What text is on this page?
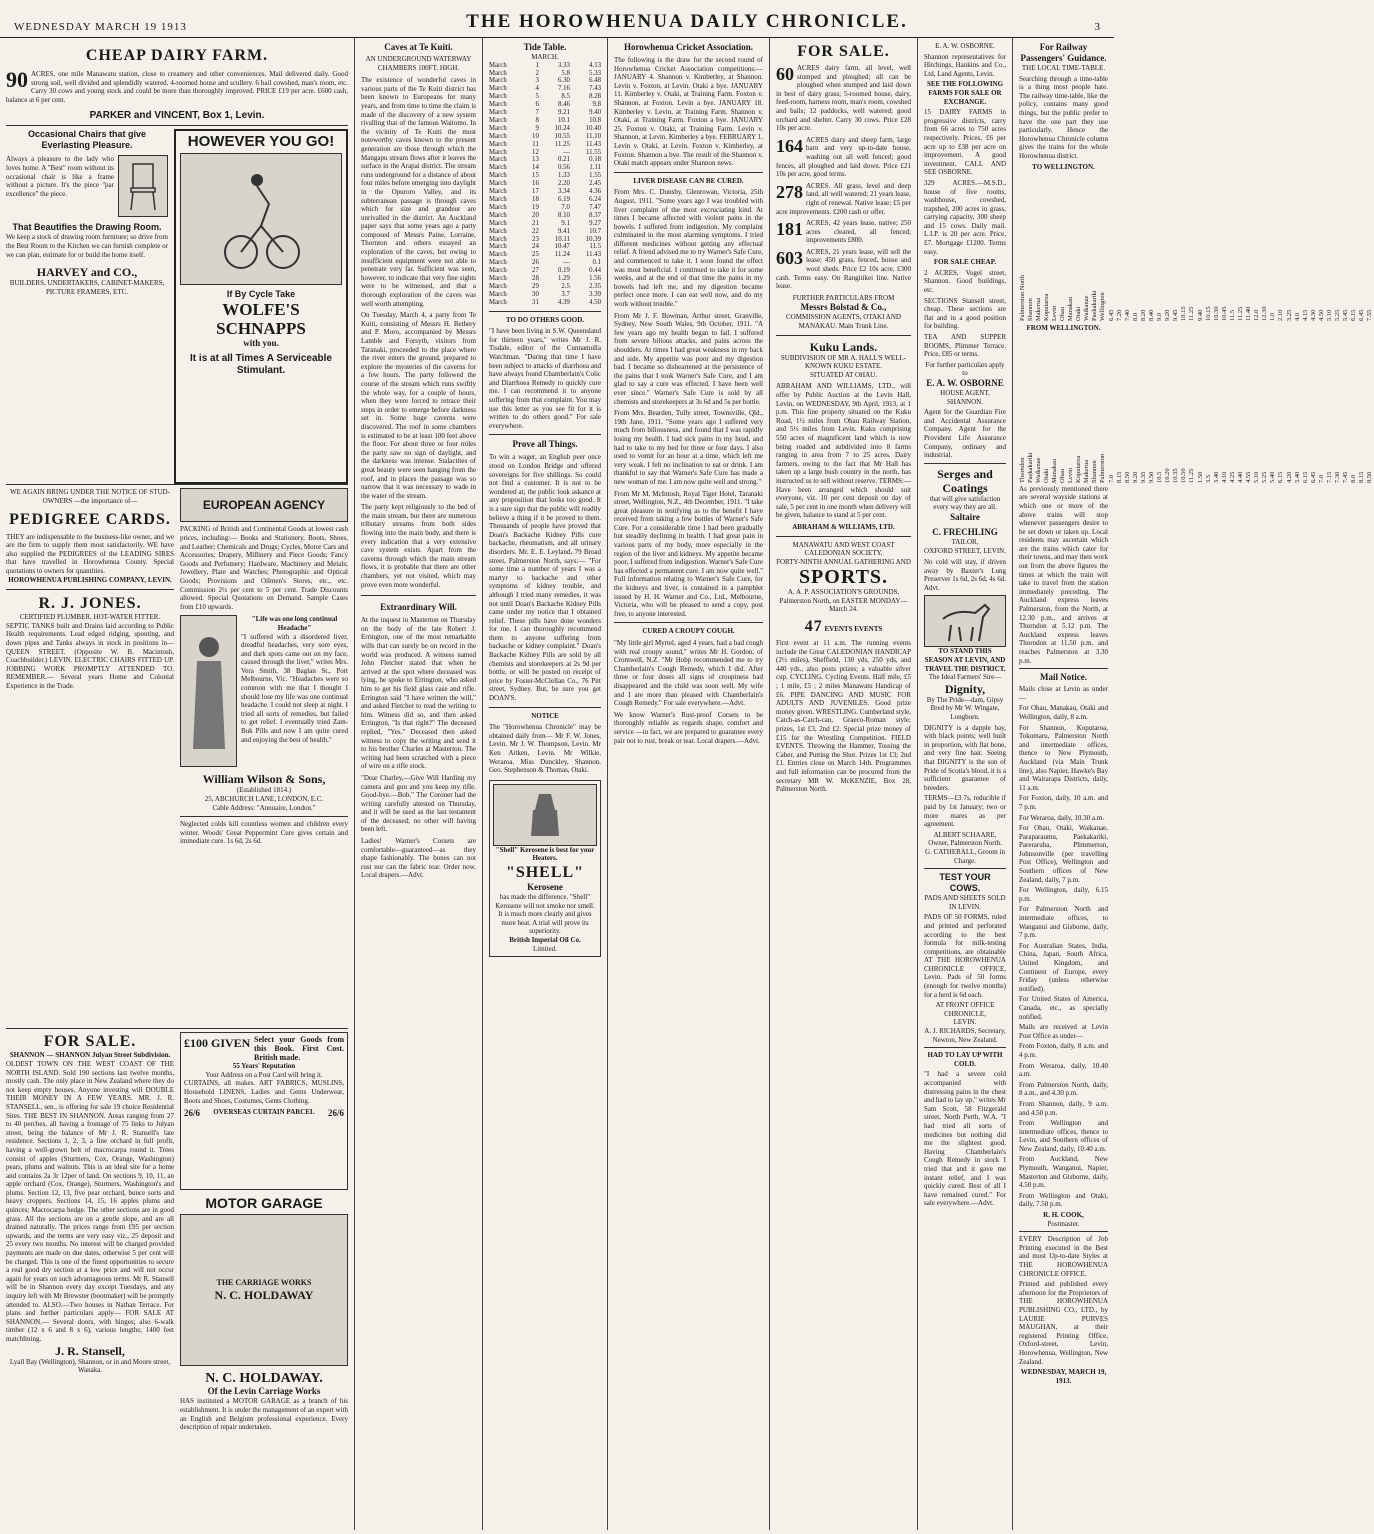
WEDNESDAY MARCH 19 1913	THE HOROWHENUA DAILY CHRONICLE.	3
CHEAP DAIRY FARM.
90 ACRES, one mile Manawatu station, close to creamery and other conveniences. Mail delivered daily. Good strong soil, well divided and splendidly watered. 4-roomed house and scullery. 6 bail cowshed, man's room, etc. Carry 30 cows and young stock and could be more than thoroughly improved. PRICE £19 per acre. £600 cash, balance at 6 per cent.
PARKER and VINCENT, Box 1, Levin.
Occasional Chairs that give Everlasting Pleasure.
Always a pleasure to the lady who loves home. A "Best" room without its occasional chair is like a frame without a picture. It's the piece "par excellence" the piece.
That Beautifies the Drawing Room.
We keep a stock of drawing room furniture; so drive from the Best Room to the Kitchen we can furnish complete or we can plan, estimate for or build the home itself.
HARVEY and CO.,
BUILDERS, UNDERTAKERS, CABINET-MAKERS, PICTURE FRAMERS, ETC.
HOWEVER YOU GO!
If By Cycle Take
WOLFE'S SCHNAPPS
with you.
It is at all Times A Serviceable Stimulant.
WE AGAIN BRING UNDER THE NOTICE OF STUD-OWNERS —the importance of—
PEDIGREE CARDS.
THEY are indispensable to the business-like owner, and we are the firm to supply them most satisfactorily. WE have also supplied the PEDIGREES of the LEADING SIRES that have travelled in Horowhenua County. Special quotations to owners for quantities.
HOROWHENUA PUBLISHING COMPANY, LEVIN.
R. J. JONES.
CERTIFIED PLUMBER, HOT-WATER FITTER.
SEPTIC TANKS built and Drains laid according to Public Health requirements. Lead edged ridging, spouting, and down pipes and Tanks always in stock in positions in— QUEEN STREET. (Opposite W. B. Macintosh, Coachbuilder.) LEVIN. ELECTRIC CHAIRS FITTED UP. JOBBING WORK PROMPTLY ATTENDED TO. REMEMBER.— Several years Home and Colonial Experience in the Trade.
EUROPEAN AGENCY
PACKING of British and Continental Goods at lowest cash prices, including:— Books and Stationery, Boots, Shoes, and Leather; Chemicals and Drugs; Cycles, Motor Cars and Accessories; Drapery, Millinery and Piece Goods; Fancy Goods and Perfumery; Hardware, Machinery and Metals; Jewellery, Plate and Watches; Photographic and Optical Goods; Provisions and Oilmen's Stores, etc., etc. Commission 2½ per cent to 5 per cent. Trade Discounts allowed. Special Quotations on Demand. Sample Cases from £10 upwards.
"Life was one long continual Headache"
"I suffered with a disordered liver, dreadful headaches, very sore eyes, and dark spots came out on my face, caused through the liver," writes Mrs. Vera Smith, 38 Baglan St., Port Melbourne, Vic. "Headaches were so common with me that I thought I should lose my life was one continual headache. I could not sleep at night. I tried all sorts of remedies, but failed to get relief. I eventually tried Zam-Buk Pills and now I am quite cured and enjoying the best of health."
William Wilson & Sons,
(Established 1814.)
25, ABCHURCH LANE, LONDON, E.C.
Cable Address: "Annuaire, London."
Neglected colds kill countless women and children every winter. Woods' Great Peppermint Cure gives certain and immediate cure. 1s 6d, 2s 6d.
FOR SALE.
SHANNON — SHANNON Julyan Street Subdivision.
OLDEST TOWN ON THE WEST COAST OF THE NORTH ISLAND. Sold 190 sections last twelve months, mostly cash. The only place in New Zealand where they do not keep empty houses. Anyone investing will DOUBLE THEIR MONEY IN A FEW YEARS. MR. J. R. STANSELL, sen., is offering for sale 19 choice Residential Sites. THE BEST IN SHANNON. Areas ranging from 27 to 40 perches, all having a frontage of 75 links to Julyan street, being the balance of Mr J. R. Stansell's late residence. Sections 1, 2, 3, a fine orchard in full profit, having a well-grown belt of macrocarpa round it. Trees consist of apples (Sturmers, Cox, Orange, Washington) pears, plums and walnuts. This is an ideal site for a home and contains 2a 3r 12per of land. On sections 9, 10, 11, an apple orchard (Cox, Orange), Sturmers, Washington's and plums. Section 12, 13, five pear orchard, bunce sorts and heavy croppers. Sections 14, 15, 16 apples plums and quinces; Macrocarpa hedge. The other sections are in good grass. All the sections are on a gentle slope, and are all drained naturally. The prices range from £95 per section upwards, and the terms are very easy viz., 25 deposit and 25 every two months. No interest will be charged provided payments are made on due dates, otherwise 5 per cent will be charged. This is one of the finest opportunities to secure a real good dry section at a low price and will not occur again for years on such advantageous terms. Mr R. Stansell will be in Shannon every day except Tuesdays, and any inquiry left with Mr Brewster (bootmaker) will be promptly attended to. ALSO.—Two houses in Nathan Terrace. For plans and further particulars apply— FOR SALE AT SHANNON.— Several doors, with hinges; also 6-walk timber (12 x 6 and 8 x 6), various lengths; 1400 feet matchlining.
J. R. Stansell,
Lyall Bay (Wellington), Shannon, or in and Moore street, Wanaka.
£100 GIVEN Select your Goods from this Book. First Cost. British made.
55 Years' Reputation
Your Address on a Post Card will bring it.
CURTAINS, all makes. ART FABRICS, MUSLINS, Household LINENS, Ladies and Gents Underwear, Boots and Shoes, Costumes, Gents Clothing.
26/6 OVERSEAS CURTAIN PARCEL 26/6
MOTOR GARAGE
THE CARRIAGE WORKS
N. C. HOLDAWAY
N. C. HOLDAWAY.
Of the Levin Carriage Works
HAS instituted a MOTOR GARAGE as a branch of his establishment. It is under the management of an expert with an English and Belgium professional experience. Every description of repair undertaken.
Caves at Te Kuiti.
AN UNDERGROUND WATERWAY CHAMBERS 100FT. HIGH.

The existence of wonderful caves in various parts of the Te Kuiti district has been known to Europeans for many years, and from time to time the claim is made of the discovery of a new system rivalling that of the famous Waitomo. In the vicinity of Te Kuiti the most noteworthy caves known to the present generation are those through which the Mangapu stream flows after it leaves the surface in the Arapai district. The stream runs underground for a distance of about four miles before emerging into daylight in the Opuroro Valley, and its subterranean passage is through caves which for size and grandeur are unrivalled in the district. An Auckland paper says that some years ago a party composed of Messrs Paine, Lorraine, Thornton and others essayed an exploration of the caves, but owing to insufficient equipment were not able to penetrate very far. Sufficient was seen, however, to indicate that very fine sights were to be witnessed, and that a thorough exploration of the caves was well worth attempting.

On Tuesday, March 4, a party from Te Kuiti, consisting of Messrs H. Bethery and P. Moro, accompanied by Messrs Lamble and Forsyth, visitors from Taranaki, proceeded to the place where the river enters the ground, prepared to explore the mysteries of the caverns for a few hours. The party followed the course of the stream which runs swiftly the whole way, for a couple of hours, when they were forced to retrace their steps in order to emerge before darkness set in. Some huge caverns were discovered. The roof in some chambers is estimated to be at least 100 feet above the floor. For about three or four miles the party saw no sign of daylight, and the darkness was intense. Stalactites of great beauty were seen hanging from the roof, and in places the passage was so narrow that it was necessary to wade in the water of the stream.

The party kept religiously to the bed of the main stream, but there are numerous tributary streams from both sides flowing into the main body, and there is every indication that a very extensive cave system exists. Apart from the caverns through which the main stream flows, it is probable that there are other chambers, yet not visited, which may prove even more wonderful.

Extraordinary Will.

At the inquest in Masterton on Thursday on the body of the late Robert J. Errington, one of the most remarkable wills that can surely be on record in the world was produced. A witness named John Fletcher stated that when he arrived at the spot where deceased was lying, he spoke to Errington, who asked him to get his field glass case and rifle. Errington said "I have written the will," and asked Fletcher to read the writing to him. Witness did so, and then asked Errington, "Is that right?" The deceased replied, "Yes." Deceased then asked witness to copy the writing and send it to his brother Charles at Masterton. The writing had been scratched with a piece of wire on a rifle stock.

"Dear Charley,—Give Will Harding my camera and gun and you keep my rifle. Good-bye.—Bob." The Coroner had the writing carefully attested on Thursday, and it will be used as the last testament of the deceased; no other will having been left.

Ladies! Warner's Corsets are comfortable—guaranteed—as they shape fashionably. The bones can not rust nor can the fabric tear. Order now. Local drapers.—Advt.

Tide Table.
MARCH.
March	1	3.33	4.13
March	2	5.8	5.33
March	3	6.30	6.48
March	4	7.16	7.43
March	5	8.5	8.28
March	6	8.46	9.8
March	7	9.21	9.40
March	8	10.1	10.8
March	9	10.24	10.40
March	10	10.55	11.10
March	11	11.25	11.43
March	12	—	11.55
March	13	0.21	0.18
March	14	0.56	1.11
March	15	1.33	1.55
March	16	2.20	2.45
March	17	3.34	4.36
March	18	6.19	6.24
March	19	7.0	7.47
March	20	8.10	8.37
March	21	9.1	9.27
March	22	9.41	10.7
March	23	10.11	10.39
March	24	10.47	11.5
March	25	11.24	11.43
March	26	—	0.1
March	27	0.19	0.44
March	28	1.29	1.56
March	29	2.5	2.35
March	30	3.7	3.39
March	31	4.39	4.50
TO DO OTHERS GOOD.

"I have been living in S.W. Queensland for thirteen years," writes Mr J. R. Tisdale, editor of the Cunnamulla Watchman. "During that time I have been subject to attacks of diarrhoea and have always found Chamberlain's Colic and Diarrhoea Remedy to quickly cure me. I can recommend it to anyone suffering from that complaint. You may use this letter as you see fit for it is written to do others good." For sale everywhere.

Prove all Things.

To win a wager, an English peer once stood on London Bridge and offered sovereigns for five shillings. So could not find a customer. It is not to be wondered at; the public look askance at any proposition that looks too good. It is a sure sign that the public will readily believe a thing if it be proved to them. Thousands of people have proved that Doan's Backache Kidney Pills cure backache, rheumatism, and all urinary disorders. Mr. E. E. Leyland, 79 Broad street, Palmerston North, says:— "For some time a number of years I was a martyr to backache and other symptoms of kidney trouble, and although I tried many remedies, it was not until Doan's Backache Kidney Pills came under my notice that I obtained relief. These pills have done wonders for me. I can thoroughly recommend them to anyone suffering from backache or kidney complaint." Doan's Backache Kidney Pills are sold by all chemists and storekeepers at 2s 9d per bottle, or will be posted on receipt of price by Foster-McClellan Co., 76 Pitt street, Sydney. But, be sure you get DOAN'S.

NOTICE

The "Horowhenua Chronicle" may be obtained daily from— Mr F. W. Jones, Levin. Mr J. W. Thompson, Levin. Mr Ken Aitken, Levin. Mr Wilkie, Weraroa. Miss Dunckley, Shannon. Geo. Stephenson & Thomas, Otaki.

"Shell" Kerosene is best for your Heaters.
"SHELL"
Kerosene
has made the difference. "Shell" Kerosene will not smoke nor smell. It is much more clearly and gives more heat. A trial will prove its superiority.
British Imperial Oil Co.
Limited.
Horowhenua Cricket Association.

The following is the draw for the second round of Horowhenua Cricket Association competitions:— JANUARY 4. Shannon v. Kimberley, at Shannon. Levin v. Foxton, at Levin. Otaki a bye. JANUARY 11. Kimberley v. Otaki, at Training Farm. Foxton v. Shannon, at Foxton. Levin a bye. JANUARY 18. Kimberley v. Levin, at Training Farm. Shannon v. Otaki, at Training Farm. Foxton a bye. JANUARY 25. Foxton v. Otaki, at Training Farm. Levin v. Shannon, at Levin. Kimberley a bye. FEBRUARY 1. Levin v. Otaki, at Levin. Foxton v. Kimberley, at Foxton. Shannon a bye. The result of the Shannon v. Otaki match appears under Shannon news.

LIVER DISEASE CAN BE CURED.

From Mrs. C. Dunsby, Glenrowan, Victoria, 25th August, 1911. "Some years ago I was troubled with liver complaint of the most excruciating kind. At times I became affected with violent pains in the bowels. I suffered from indigestion. My complaint culminated in the most alarming symptoms. I tried different medicines without getting any effectual relief. A friend advised me to try Warner's Safe Cure, and commenced to take it. I soon found the effect was most beneficial. I continued to take it for some weeks, and at the end of that time the pains in my bowels had left me, and my digestion became perfect once more. I can eat well now, and do my work without trouble."

From Mr J. F. Bowman, Arthur street, Granville, Sydney, New South Wales, 9th October, 1911. "A few years ago my health began to fail. I suffered from severe bilious attacks, and pains across the shoulders. At times I had great weakness in my back and side. My appetite was poor and my digestion bad. I became so disheartened at the persistence of the pains that I took Warner's Safe Cure, and I am glad to say a cure was effected. I have been well ever since." Warner's Safe Cure is sold by all chemists and storekeepers at 3s 6d and 5s per bottle.

From Mrs. Bearden, Tully street, Townsville, Qld., 19th June, 1911. "Some years ago I suffered very much from biliousness, and found that I was rapidly losing my health. I had sick pains in my head, and had to take to my bed for three or four days. I also used to vomit for an hour at a time, which left me very weak. I felt no inclination to eat or drink. I am thankful to say that Warner's Safe Cure has made a new woman of me. I am now quite well and strong."

From Mr M. McIntosh, Royal Tiger Hotel, Taranaki street, Wellington, N.Z., 4th December, 1911. "I take great pleasure in testifying as to the benefit I have received from taking a few bottles of Warner's Safe Cure. For a considerable time I had been gradually but steadily declining in health. I had great pain in various parts of my body, more especially in the region of the liver and kidneys. My appetite became poor, I suffered from indigestion. Warner's Safe Cure has effected a permanent cure. I am now quite well." Full information relating to Warner's Safe Cure, for the kidneys and liver, is contained in a pamphlet issued by H. H. Warner and Co., Ltd., Melbourne, Victoria, who will be pleased to send a copy, post free, to anyone interested.

CURED A CROUPY COUGH.

"My little girl Myrtel, aged 4 years, had a bad cough with real croupy sound," writes Mr H. Gordon, of Cromwell, N.Z. "Mr Hobp recommended me to try Chamberlain's Cough Remedy, which I did. After three or four doses all signs of croupiness had disappeared and the child was soon well. My wife and I are more than pleased with Chamberlain's Cough Remedy." For sale everywhere.—Advt.

We know Warner's Rust-proof Corsets to be thoroughly reliable as regards shape, comfort and service —in fact, we are prepared to guarantee every pair not to rust, break or tear. Local drapers.—Advt.

FOR SALE.
60 ACRES dairy farm, all level, well stumped and ploughed; all can be ploughed when stumped and laid down in best of dairy grass; 5-roomed house, dairy, feed-room, harness room, man's room, cowshed and bails; 12 paddocks, well watered; good orchard and shelter. Carry 30 cows. Price £28 10s per acre.
164 ACRES dairy and sheep farm, large barn and very up-to-date house, washing out all well fenced; good fences, all ploughed and laid down. Price £21 10s per acre, good terms.
278 ACRES. All grass, level and deep land, all well watered; 21 years lease, right of renewal. Native lease; £5 per acre improvements. £200 cash or offer.
181 ACRES, 42 years lease, native; 250 acres cleared, all fenced; improvements £800.
603 ACRES, 21 years lease, will sell the lease; 450 grass, fenced, house and wool sheds. Price £2 10s acre. £300 cash. Terms easy. On Rangitikei line. Native lease.
FURTHER PARTICULARS FROM
Messrs Bolstad & Co.,
COMMISSION AGENTS, OTAKI AND MANAKAU. Main Trunk Line.
Kuku Lands.
SUBDIVISION OF MR A. HALL'S WELL-KNOWN KUKU ESTATE.
SITUATED AT OHAU.

ABRAHAM AND WILLIAMS, LTD., will offer by Public Auction at the Levin Hall, Levin, on WEDNESDAY, 9th April, 1913, at 1 p.m. This fine property situated on the Kuku Road, 1½ miles from Ohau Railway Station, and 5½ miles from Levin. Kuku comprising 550 acres of magnificent land which is now being roaded and subdivided into 8 farms ranging in area from 7 to 25 acres. Dairy farmers, owing to the fact that Mr Hall has taken up a large bush country in the north, has instructed us to sell without reserve. TERMS:—Have been arranged which should suit everyone, viz. 10 per cent deposit on day of sale, 5 per cent in one month when delivery will be given, balance to stand at 5 per cent.

ABRAHAM & WILLIAMS, LTD.
MANAWATU AND WEST COAST CALEDONIAN SOCIETY.
FORTY-NINTH ANNUAL GATHERING AND
SPORTS.
A. A. P. ASSOCIATION'S GROUNDS,
Palmerston North, on EASTER MONDAY—March 24.
47 EVENTS EVENTS

First event at 11 a.m. The running events include the Great CALEDONIAN HANDICAP (2½ miles), Sheffield, 130 yds, 250 yds, and 440 yds., also posts prizes; a valuable silver cup. CYCLING. Cycling Events. Half mile, £5 ; 1 mile, £5 ; 2 miles Manawatu Handicap of £6. PIPE DANCING AND MUSIC FOR ADULTS AND JUVENILES. Good prize money given. WRESTLING. Cumberland style, Catch-as-Catch-can, Graeco-Roman style; prizes, 1st £3, 2nd £2. Special prize money of £15 for the Wrestling Competition. FIELD EVENTS. Throwing the Hammer, Tossing the Caber, and Putting the Shot. Prizes 1st £3; 2nd £1. Entries close on March 14th. Programmes and full information can be procured from the secretary MR W. McKENZIE, Box 28, Palmerston North.

E. A. W. OSBORNE.

Shannon representatives for Hitchings, Hankins and Co., Ltd, Land Agents, Levin.

SEE THE FOLLOWING FARMS FOR SALE OR EXCHANGE.

15 DAIRY FARMS in progressive districts, carry from 66 acres to 750 acres respectively. Prices, £6 per acre up to £38 per acre on improvement. A good investment. CALL AND SEE OSBORNE.

329 ACRES.—M.S.D., house of five rooms, washhouse, cowshed, trapshed, 200 acres in grass, carrying capacity, 300 sheep and 15 cows. Daily mail. L.I.P. is 20 per acre. Price, £7. Mortgage £1200. Terms easy.

FOR SALE CHEAP.

2 ACRES, Vogel street, Shannon. Good buildings, etc.

SECTIONS Stansell street, cheap. These sections are flat and in a good position for building.

TEA AND SUPPER ROOMS, Plimmer Terrace. Price, £85 or terms.

For further particulars apply to
E. A. W. OSBORNE
HOUSE AGENT, SHANNON.

Agent for the Guardian Fire and Accidental Assurance Company. Agent for the Provident Life Assurance Company, ordinary and industrial.

Serges and Coatings
that will give satisfaction every way they are all.
Saltaire
C. FRECHLING
TAILOR,
OXFORD STREET, LEVIN.

No cold will stay, if driven away by Baxter's Lung Preserver 1s 6d, 2s 6d, 4s 6d. Advt.

TO STAND THIS SEASON AT LEVIN, AND TRAVEL THE DISTRICT.
The Ideal Farmers' Sire—
Dignity,
By The Pride—dam, Gipsy
Bred by Mr W. Wingate, Longburn.

DIGNITY is a dapple bay, with black points; well built in proportion, with flat bone, and very fine hair. Seeing that DIGNITY is the son of Pride of Scotia's blood, it is a sufficient guarantee of breeders.

TERMS—£3 7s, reducible if paid by 1st January; two or more mares as per agreement.

ALBERT SCHAARE, Owner, Palmerston North.
G. CATHERALL, Groom in Charge.
TEST YOUR COWS.
PADS AND SHEETS SOLD IN LEVIN.

PADS OF 50 FORMS, ruled and printed and perforated according to the best formula for milk-testing competitions, are obtainable AT THE HOROWHENUA CHRONICLE OFFICE, Levin. Pads of 50 forms (enough for twelve months) for a herd is 6d each.

AT FRONT OFFICE CHRONICLE,
LEVIN.
A. J. RICHARDS, Secretary, Newton, New Zealand.
HAD TO LAY UP WITH COLD.

"I had a severe cold accompanied with distressing pains in the chest and had to lay up," writes Mr Sam Scott, 58 Fitzgerald street, North Perth, W.A. "I had tried all sorts of medicines but nothing did me the slightest good. Having Chamberlain's Cough Remedy in stock I tried that and it gave me instant relief, and I was quickly cured. Best of all I have remained cured." For sale everywhere.—Advt.

For Railway Passengers' Guidance.
THE LOCAL TIME-TABLE.

Searching through a time-table is a thing most people hate. The railway time-table, like the policy, contains many good things, but the public prefer to have the one part they use particularly. Hence the Horowhenua Chronicle column gives the trains for the whole Horowhenua district.

TO WELLINGTON.
Palmerston North Shannon Makerua Koputaroa Levin Ohau Manakau Otaki Waikanae Paekakariki Wellington 6.45 7.20 7.40 8.0 8.20 8.40 9.0 9.20 9.45 10.15 11.25 9.40 10.15 10.30 10.45 11.5 11.25 11.40 12.0 12.30 1.0 2.10 3.25 4.0 4.15 4.30 4.50 5.10 5.25 5.45 6.15 6.45 7.55
FROM WELLINGTON.
Thorndon Paekakariki Waikanae Otaki Manakau Ohau Levin Koputaroa Makerua Shannon Palmerston 7.0 8.15 8.50 9.20 9.35 9.50 10.5 10.20 10.35 10.50 11.25 1.50 3.5 3.40 4.10 4.25 4.40 4.55 5.10 5.25 5.40 6.15 4.20 5.40 6.15 6.45 7.0 7.15 7.30 7.45 8.0 8.15 8.50

As previously mentioned there are several wayside stations at which one or more of the above trains will stop whenever passengers desire to be set down or taken up. Local residents may ascertain which are the trains which cater for their towns, and may then work out from the above figures the times at which the train will take to travel from the station immediately preceding. The Auckland express leaves Palmerston, from the North, at 12.30 p.m., and arrives at Thorndon at 5.12 p.m. The Auckland express leaves Thorndon at 11.50 p.m. and reaches Palmerston at 3.30 p.m.

Mail Notice.
Mails close at Levin as under—
For Ohau, Manakau, Otaki and Wellington, daily, 8 a.m.
For Shannon, Koputaroa, Tokomaru, Palmerston North and intermediate offices, thence to New Plymouth, Auckland (via Main Trunk line), also Napier, Hawke's Bay and Wairarapa Districts, daily, 11 a.m.
For Foxton, daily, 10 a.m. and 7 p.m.
For Weraroa, daily, 10.30 a.m.
For Ohau, Otaki, Waikanae, Paraparaumu, Paekakariki, Pareraruha, Plimmerton, Johnsonville (per travelling Post Office), Wellington and Southern offices of New Zealand, daily, 7 p.m.
For Wellington, daily, 6.15 p.m.
For Palmerston North and intermediate offices, to Wanganui and Gisborne, daily, 7 p.m.
For Australian States, India, China, Japan, South Africa, United Kingdom, and Continent of Europe, every Friday (unless otherwise notified).
For United States of America, Canada, etc., as specially notified.
Mails are received at Levin Post Office as under—
From Foxton, daily, 8 a.m. and 4 p.m.
From Weraroa, daily, 10.40 a.m.
From Palmerston North, daily, 8 a.m., and 4.30 p.m.
From Shannon, daily, 9 a.m. and 4.50 p.m.
From Wellington and intermediate offices, thence to Levin, and Southern offices of New Zealand, daily, 10.40 a.m.
From Auckland, New Plymouth, Wanganui, Napier, Masterton and Gisborne, daily, 4.50 p.m.
From Wellington and Otaki, daily, 7.50 p.m.
R. H. COOK,
Postmaster.

EVERY Description of Job Printing executed in the Best and most Up-to-date Styles at THE HOROWHENUA CHRONICLE OFFICE.

Printed and published every afternoon for the Proprietors of THE HOROWHENUA PUBLISHING CO., LTD., by LAURIE PURVES MAUGHAN, at their registered Printing Office, Oxford-street, Levin, Horowhenua, Wellington, New Zealand.

WEDNESDAY, MARCH 19, 1913.
